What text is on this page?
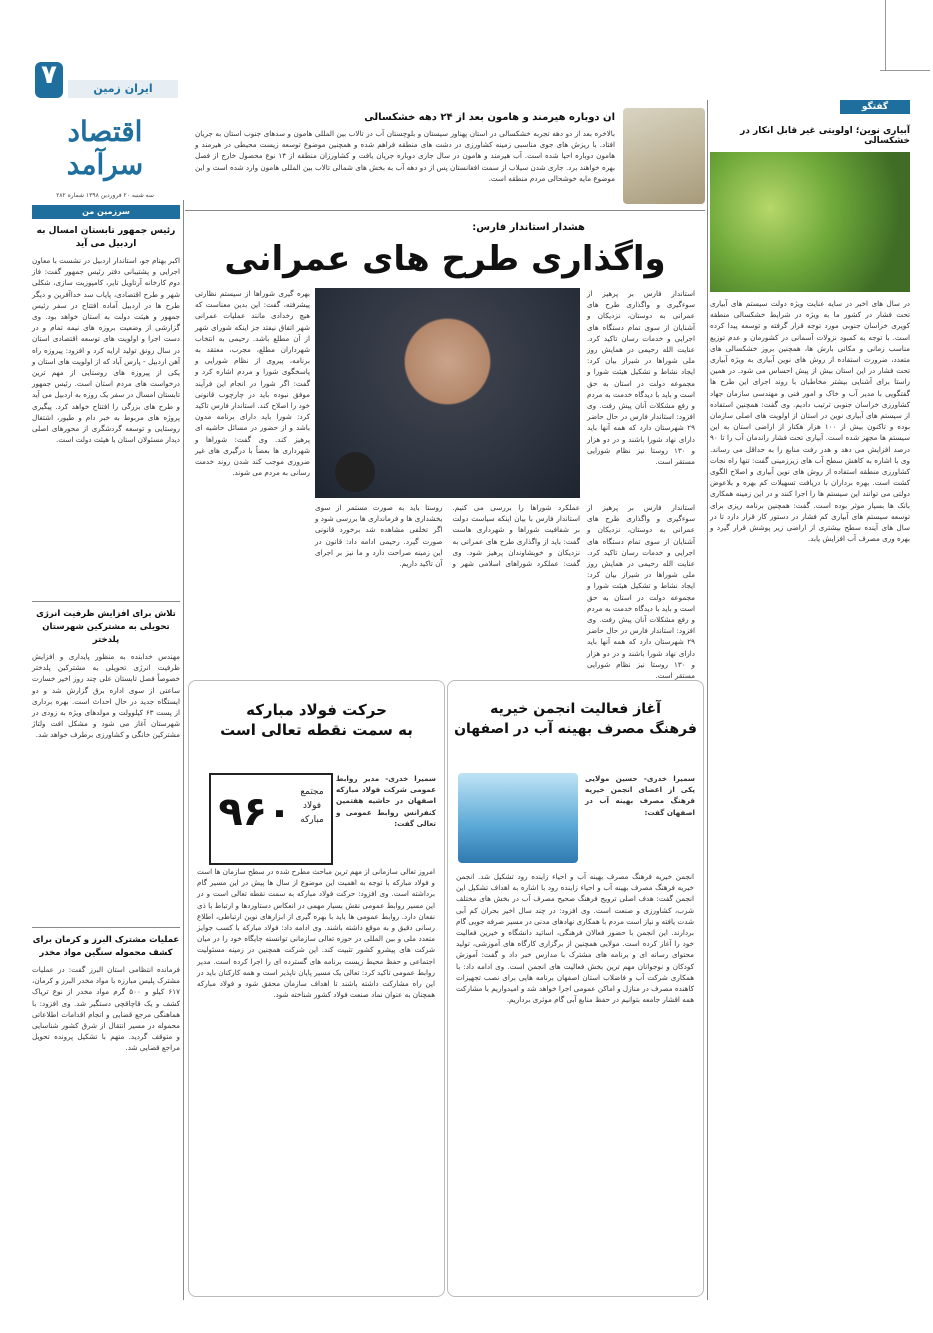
۷	ایران زمین
اقتصاد سرآمد
سه شنبه ۲۰ فروردین ۱۳۹۸ شماره ۲۸۲
سرزمین من
رئیس جمهور تابستان امسال به اردبیل می آید
اکبر بهنام جو، استاندار اردبیل در نشست با معاون اجرایی و پشتیبانی دفتر رئیس جمهور گفت: فاز دوم کارخانه آرتاویل تایر، کامپوزیت سازی، شکلی شهر و طرح اقتصادی، پایاب سد خداآفرین و دیگر طرح ها در اردبیل آماده افتتاح در سفر رئیس جمهور و هیئت دولت به استان خواهد بود. وی گزارشی از وضعیت بروزه های نیمه تمام و در دست اجرا و اولویت های توسعه اقتصادی استان در سال رونق تولید ارایه کرد و افزود: پیروزه راه آهن اردبیل - پارس آباد که از اولویت های استان و یکی از پیروزه های روستایی از مهم ترین درخواست های مردم استان است. رئیس جمهور تابستان امسال در سفر یک روزه به اردبیل می آید و طرح های بزرگی را افتتاح خواهد کرد. پیگیری پروژه های مربوط به خبر دام و طیور، اشتغال روستایی و توسعه گردشگری از محورهای اصلی دیدار مسئولان استان با هیئت دولت است.
تلاش برای افزایش ظرفیت انرژی تحویلی به مشترکین شهرستان پلدختر
مهندس خدابنده به منظور پایداری و افزایش ظرفیت انرژی تحویلی به مشترکین پلدختر خصوصاً فصل تابستان علی چند روز اخیر خسارت ساعتی از سوی اداره برق گزارش شد و دو ایستگاه جدید در حال احداث است. بهره برداری از پست ۶۳ کیلوولت و مولدهای ویژه به زودی در شهرستان آغاز می شود و مشکل افت ولتاژ مشترکین خانگی و کشاورزی برطرف خواهد شد.
عملیات مشترک البرز و کرمان برای کشف محموله سنگین مواد مخدر
فرمانده انتظامی استان البرز گفت: در عملیات مشترک پلیس مبارزه با مواد مخدر البرز و کرمان، ۶۱۷ کیلو و ۵۰۰ گرم مواد مخدر از نوع تریاک کشف و یک قاچاقچی دستگیر شد. وی افزود: با هماهنگی مرجع قضایی و انجام اقدامات اطلاعاتی محموله در مسیر انتقال از شرق کشور شناسایی و متوقف گردید. متهم با تشکیل پرونده تحویل مراجع قضایی شد.
ان دوباره هیرمند و هامون بعد از ۲۴ دهه خشکسالی
بالاخره بعد از دو دهه تجربه خشکسالی در استان پهناور سیستان و بلوچستان آب در تالاب بین المللی هامون و سدهای جنوب استان به جریان افتاد. با ریزش های جوی مناسبی زمینه کشاورزی در دشت های منطقه فراهم شده و همچنین موضوع توسعه زیست محیطی در هیرمند و هامون دوباره احیا شده است. آب هیرمند و هامون در سال جاری دوباره جریان یافت و کشاورزان منطقه از ۱۴ نوع محصول خارج از فصل بهره خواهند برد. جاری شدن سیلاب از سمت افغانستان پس از دو دهه آب به بخش های شمالی تالاب بین المللی هامون وارد شده است و این موضوع مایه خوشحالی مردم منطقه است.
هشدار استاندار فارس:
واگذاری طرح های عمرانی
استاندار فارس بر پرهیز از سوءگیری و واگذاری طرح های عمرانی به دوستان، نزدیکان و آشنایان از سوی تمام دستگاه های اجرایی و خدمات رسان تاکید کرد. عنایت الله رحیمی در همایش روز ملی شوراها در شیراز بیان کرد: ایجاد نشاط و تشکیل هیئت شورا و مجموعه دولت در استان به حق است و باید با دیدگاه خدمت به مردم و رفع مشکلات آنان پیش رفت. وی افزود: استاندار فارس در حال حاضر ۲۹ شهرستان دارد که همه آنها باید دارای نهاد شورا باشند و در دو هزار و ۱۳۰ روستا نیز نظام شورایی مستقر است.
بهره گیری شوراها از سیستم نظارتی پیشرفته، گفت: این بدین معناست که هیچ رخدادی مانند عملیات عمرانی شهر اتفاق نیفتد جز اینکه شورای شهر از آن مطلع باشد. رحیمی به انتخاب شهرداران مطلع، مجرب، معتقد به برنامه، پیروی از نظام شورایی و پاسخگوی شورا و مردم اشاره کرد و گفت: اگر شورا در انجام این فرآیند موفق نبوده باید در چارچوب قانونی خود را اصلاح کند. استاندار فارس تاکید کرد: شورا باید دارای برنامه مدون باشد و از حضور در مسائل حاشیه ای پرهیز کند. وی گفت: شوراها و شهرداری ها بعضاً با درگیری های غیر ضروری موجب کند شدن روند خدمت رسانی به مردم می شوند.
عملکرد شوراها را بررسی می کنیم. استاندار فارس با بیان اینکه سیاست دولت بر شفافیت شوراها و شهرداری هاست گفت: باید از واگذاری طرح های عمرانی به نزدیکان و خویشاوندان پرهیز شود. وی گفت: عملکرد شوراهای اسلامی شهر و روستا باید به صورت مستمر از سوی بخشداری ها و فرمانداری ها بررسی شود و اگر تخلفی مشاهده شد برخورد قانونی صورت گیرد. رحیمی ادامه داد: قانون در این زمینه صراحت دارد و ما نیز بر اجرای آن تاکید داریم.
استاندار فارس بر پرهیز از سوءگیری و واگذاری طرح های عمرانی به دوستان، نزدیکان و آشنایان از سوی تمام دستگاه های اجرایی و خدمات رسان تاکید کرد. عنایت الله رحیمی در همایش روز ملی شوراها در شیراز بیان کرد: ایجاد نشاط و تشکیل هیئت شورا و مجموعه دولت در استان به حق است و باید با دیدگاه خدمت به مردم و رفع مشکلات آنان پیش رفت. وی افزود: استاندار فارس در حال حاضر ۲۹ شهرستان دارد که همه آنها باید دارای نهاد شورا باشند و در دو هزار و ۱۳۰ روستا نیز نظام شورایی مستقر است.
حرکت فولاد مبارکه
به سمت نقطه تعالی است
۹۶۰ مجتمع فولاد مبارکه
سمیرا خدری- مدیر روابط عمومی شرکت فولاد مبارکه اصفهان در حاشیه هفتمین کنفرانس روابط عمومی و تعالی گفت:
امروز تعالی سازمانی از مهم ترین مباحث مطرح شده در سطح سازمان ها است و فولاد مبارکه با توجه به اهمیت این موضوع از سال ها پیش در این مسیر گام برداشته است. وی افزود: حرکت فولاد مبارکه به سمت نقطه تعالی است و در این مسیر روابط عمومی نقش بسیار مهمی در انعکاس دستاوردها و ارتباط با ذی نفعان دارد. روابط عمومی ها باید با بهره گیری از ابزارهای نوین ارتباطی، اطلاع رسانی دقیق و به موقع داشته باشند. وی ادامه داد: فولاد مبارکه با کسب جوایز متعدد ملی و بین المللی در حوزه تعالی سازمانی توانسته جایگاه خود را در میان شرکت های پیشرو کشور تثبیت کند. این شرکت همچنین در زمینه مسئولیت اجتماعی و حفظ محیط زیست برنامه های گسترده ای را اجرا کرده است. مدیر روابط عمومی تاکید کرد: تعالی یک مسیر پایان ناپذیر است و همه کارکنان باید در این راه مشارکت داشته باشند تا اهداف سازمان محقق شود و فولاد مبارکه همچنان به عنوان نماد صنعت فولاد کشور شناخته شود.
آغاز فعالیت انجمن خیریه
فرهنگ مصرف بهینه آب در اصفهان
سمیرا خدری- حسین مولایی یکی از اعضای انجمن خیریه فرهنگ مصرف بهینه آب در اصفهان گفت:
انجمن خیریه فرهنگ مصرف بهینه آب و احیاء زاینده رود تشکیل شد. انجمن خیریه فرهنگ مصرف بهینه آب و احیاء زاینده رود با اشاره به اهداف تشکیل این انجمن گفت: هدف اصلی ترویج فرهنگ صحیح مصرف آب در بخش های مختلف شرب، کشاورزی و صنعت است. وی افزود: در چند سال اخیر بحران کم آبی شدت یافته و نیاز است مردم با همکاری نهادهای مدنی در مسیر صرفه جویی گام بردارند. این انجمن با حضور فعالان فرهنگی، اساتید دانشگاه و خیرین فعالیت خود را آغاز کرده است. مولایی همچنین از برگزاری کارگاه های آموزشی، تولید محتوای رسانه ای و برنامه های مشترک با مدارس خبر داد و گفت: آموزش کودکان و نوجوانان مهم ترین بخش فعالیت های انجمن است. وی ادامه داد: با همکاری شرکت آب و فاضلاب استان اصفهان برنامه هایی برای نصب تجهیزات کاهنده مصرف در منازل و اماکن عمومی اجرا خواهد شد و امیدواریم با مشارکت همه اقشار جامعه بتوانیم در حفظ منابع آبی گام موثری برداریم.
گفتگو
آبیاری نوین؛ اولویتی غیر قابل انکار در خشکسالی
در سال های اخیر در سایه عنایت ویژه دولت سیستم های آبیاری تحت فشار در کشور ما به ویژه در شرایط خشکسالی منطقه کویری خراسان جنوبی مورد توجه قرار گرفته و توسعه پیدا کرده است. با توجه به کمبود نزولات آسمانی در کشورمان و عدم توزیع مناسب زمانی و مکانی بارش ها، همچنین بروز خشکسالی های متعدد، ضرورت استفاده از روش های نوین آبیاری به ویژه آبیاری تحت فشار در این استان بیش از پیش احساس می شود. در همین راستا برای آشنایی بیشتر مخاطبان با روند اجرای این طرح ها گفتگویی با مدیر آب و خاک و امور فنی و مهندسی سازمان جهاد کشاورزی خراسان جنوبی ترتیب دادیم. وی گفت: همچنین استفاده از سیستم های آبیاری نوین در استان از اولویت های اصلی سازمان بوده و تاکنون بیش از ۱۰۰ هزار هکتار از اراضی استان به این سیستم ها مجهز شده است. آبیاری تحت فشار راندمان آب را تا ۹۰ درصد افزایش می دهد و هدر رفت منابع را به حداقل می رساند. وی با اشاره به کاهش سطح آب های زیرزمینی گفت: تنها راه نجات کشاورزی منطقه استفاده از روش های نوین آبیاری و اصلاح الگوی کشت است. بهره برداران با دریافت تسهیلات کم بهره و بلاعوض دولتی می توانند این سیستم ها را اجرا کنند و در این زمینه همکاری بانک ها بسیار موثر بوده است. گفت: همچنین برنامه ریزی برای توسعه سیستم های آبیاری کم فشار در دستور کار قرار دارد تا در سال های آینده سطح بیشتری از اراضی زیر پوشش قرار گیرد و بهره وری مصرف آب افزایش یابد.
